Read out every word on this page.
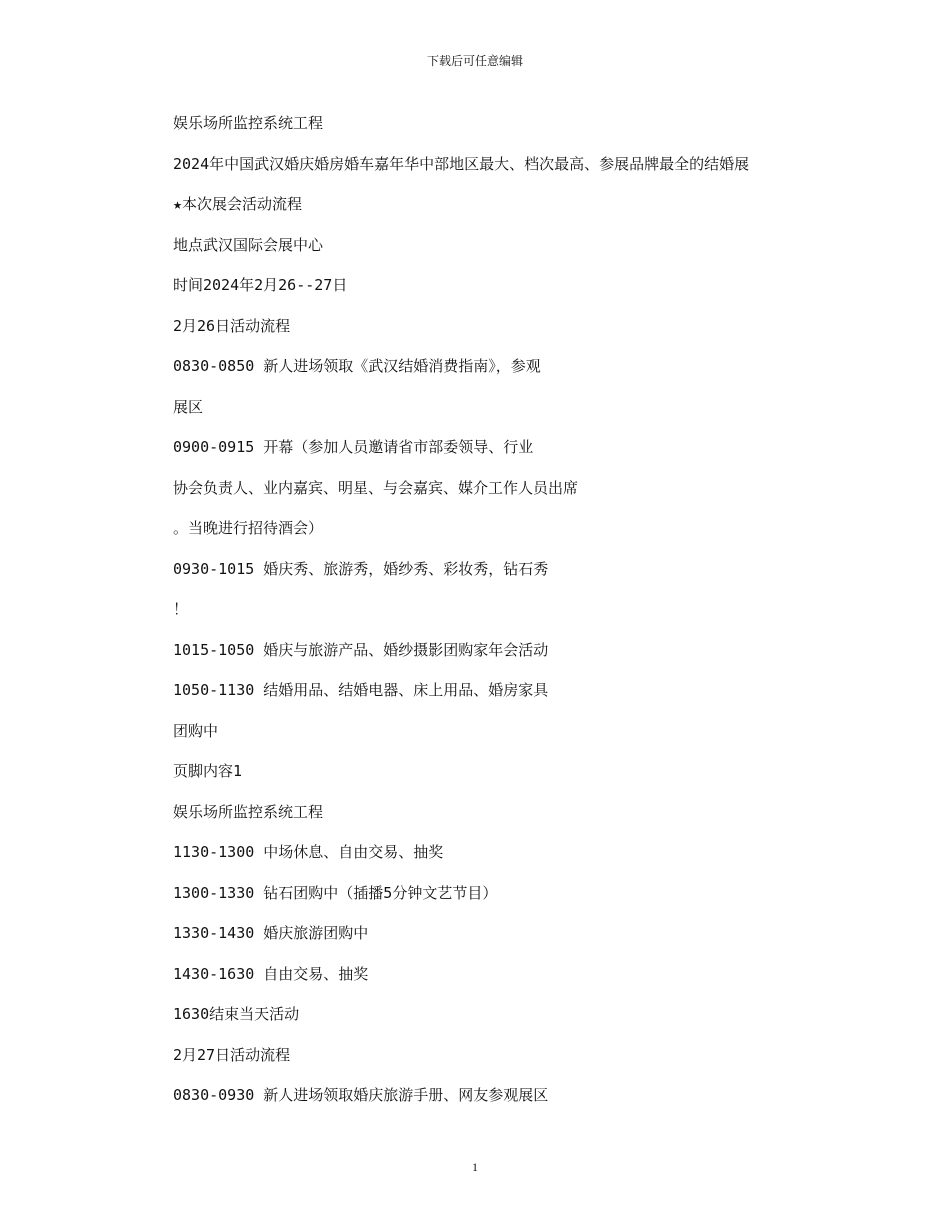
下载后可任意编辑
娱乐场所监控系统工程
2024年中国武汉婚庆婚房婚车嘉年华中部地区最大、档次最高、参展品牌最全的结婚展
★本次展会活动流程
地点武汉国际会展中心
时间2024年2月26--27日
2月26日活动流程
0830-0850 新人进场领取《武汉结婚消费指南》，参观
展区
0900-0915 开幕（参加人员邀请省市部委领导、行业
协会负责人、业内嘉宾、明星、与会嘉宾、媒介工作人员出席
。当晚进行招待酒会）
0930-1015 婚庆秀、旅游秀，婚纱秀、彩妆秀，钻石秀
！
1015-1050 婚庆与旅游产品、婚纱摄影团购家年会活动
1050-1130 结婚用品、结婚电器、床上用品、婚房家具
团购中
页脚内容1
娱乐场所监控系统工程
1130-1300 中场休息、自由交易、抽奖
1300-1330 钻石团购中（插播5分钟文艺节目）
1330-1430 婚庆旅游团购中
1430-1630 自由交易、抽奖
1630结束当天活动
2月27日活动流程
0830-0930 新人进场领取婚庆旅游手册、网友参观展区
1
